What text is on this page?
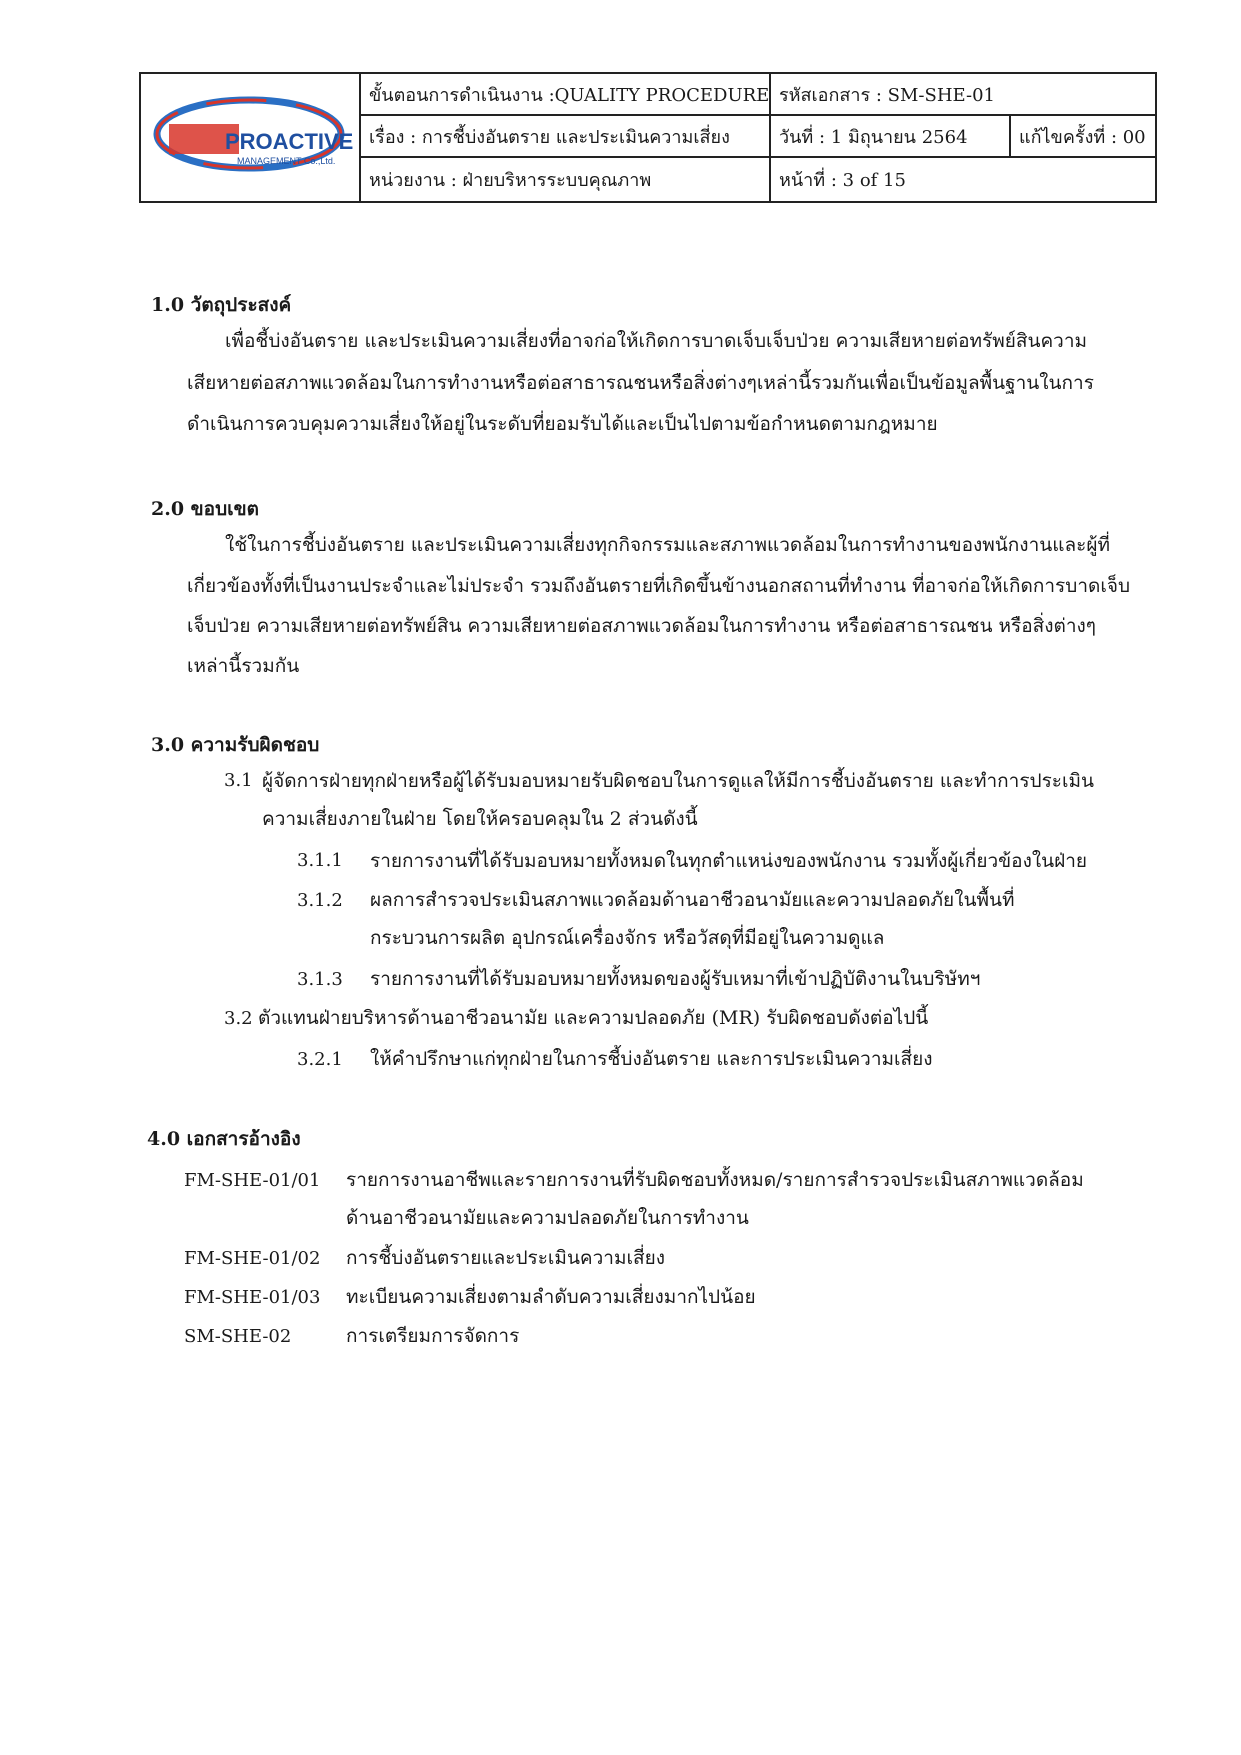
PROACTIVE
MANAGEMENT Co.,Ltd.
ขั้นตอนการดำเนินงาน :QUALITY PROCEDURE
เรื่อง : การชี้บ่งอันตราย และประเมินความเสี่ยง
หน่วยงาน : ฝ่ายบริหารระบบคุณภาพ
รหัสเอกสาร : SM-SHE-01
วันที่ : 1 มิถุนายน 2564	แก้ไขครั้งที่ : 00
หน้าที่ : 3 of 15
1.0 วัตถุประสงค์
เพื่อชี้บ่งอันตราย และประเมินความเสี่ยงที่อาจก่อให้เกิดการบาดเจ็บเจ็บป่วย ความเสียหายต่อทรัพย์สินความ
เสียหายต่อสภาพแวดล้อมในการทำงานหรือต่อสาธารณชนหรือสิ่งต่างๆเหล่านี้รวมกันเพื่อเป็นข้อมูลพื้นฐานในการ
ดำเนินการควบคุมความเสี่ยงให้อยู่ในระดับที่ยอมรับได้และเป็นไปตามข้อกำหนดตามกฎหมาย
2.0 ขอบเขต
ใช้ในการชี้บ่งอันตราย และประเมินความเสี่ยงทุกกิจกรรมและสภาพแวดล้อมในการทำงานของพนักงานและผู้ที่
เกี่ยวข้องทั้งที่เป็นงานประจำและไม่ประจำ รวมถึงอันตรายที่เกิดขึ้นข้างนอกสถานที่ทำงาน ที่อาจก่อให้เกิดการบาดเจ็บ
เจ็บป่วย ความเสียหายต่อทรัพย์สิน ความเสียหายต่อสภาพแวดล้อมในการทำงาน หรือต่อสาธารณชน หรือสิ่งต่างๆ
เหล่านี้รวมกัน
3.0 ความรับผิดชอบ
3.1 ผู้จัดการฝ่ายทุกฝ่ายหรือผู้ได้รับมอบหมายรับผิดชอบในการดูแลให้มีการชี้บ่งอันตราย และทำการประเมิน
ความเสี่ยงภายในฝ่าย โดยให้ครอบคลุมใน 2 ส่วนดังนี้
3.1.1 รายการงานที่ได้รับมอบหมายทั้งหมดในทุกตำแหน่งของพนักงาน รวมทั้งผู้เกี่ยวข้องในฝ่าย
3.1.2 ผลการสำรวจประเมินสภาพแวดล้อมด้านอาชีวอนามัยและความปลอดภัยในพื้นที่
กระบวนการผลิต อุปกรณ์เครื่องจักร หรือวัสดุที่มีอยู่ในความดูแล
3.1.3 รายการงานที่ได้รับมอบหมายทั้งหมดของผู้รับเหมาที่เข้าปฏิบัติงานในบริษัทฯ
3.2 ตัวแทนฝ่ายบริหารด้านอาชีวอนามัย และความปลอดภัย (MR) รับผิดชอบดังต่อไปนี้
3.2.1 ให้คำปรึกษาแก่ทุกฝ่ายในการชี้บ่งอันตราย และการประเมินความเสี่ยง
4.0 เอกสารอ้างอิง
FM-SHE-01/01 รายการงานอาชีพและรายการงานที่รับผิดชอบทั้งหมด/รายการสำรวจประเมินสภาพแวดล้อม
ด้านอาชีวอนามัยและความปลอดภัยในการทำงาน
FM-SHE-01/02 การชี้บ่งอันตรายและประเมินความเสี่ยง
FM-SHE-01/03 ทะเบียนความเสี่ยงตามลำดับความเสี่ยงมากไปน้อย
SM-SHE-02	การเตรียมการจัดการ
